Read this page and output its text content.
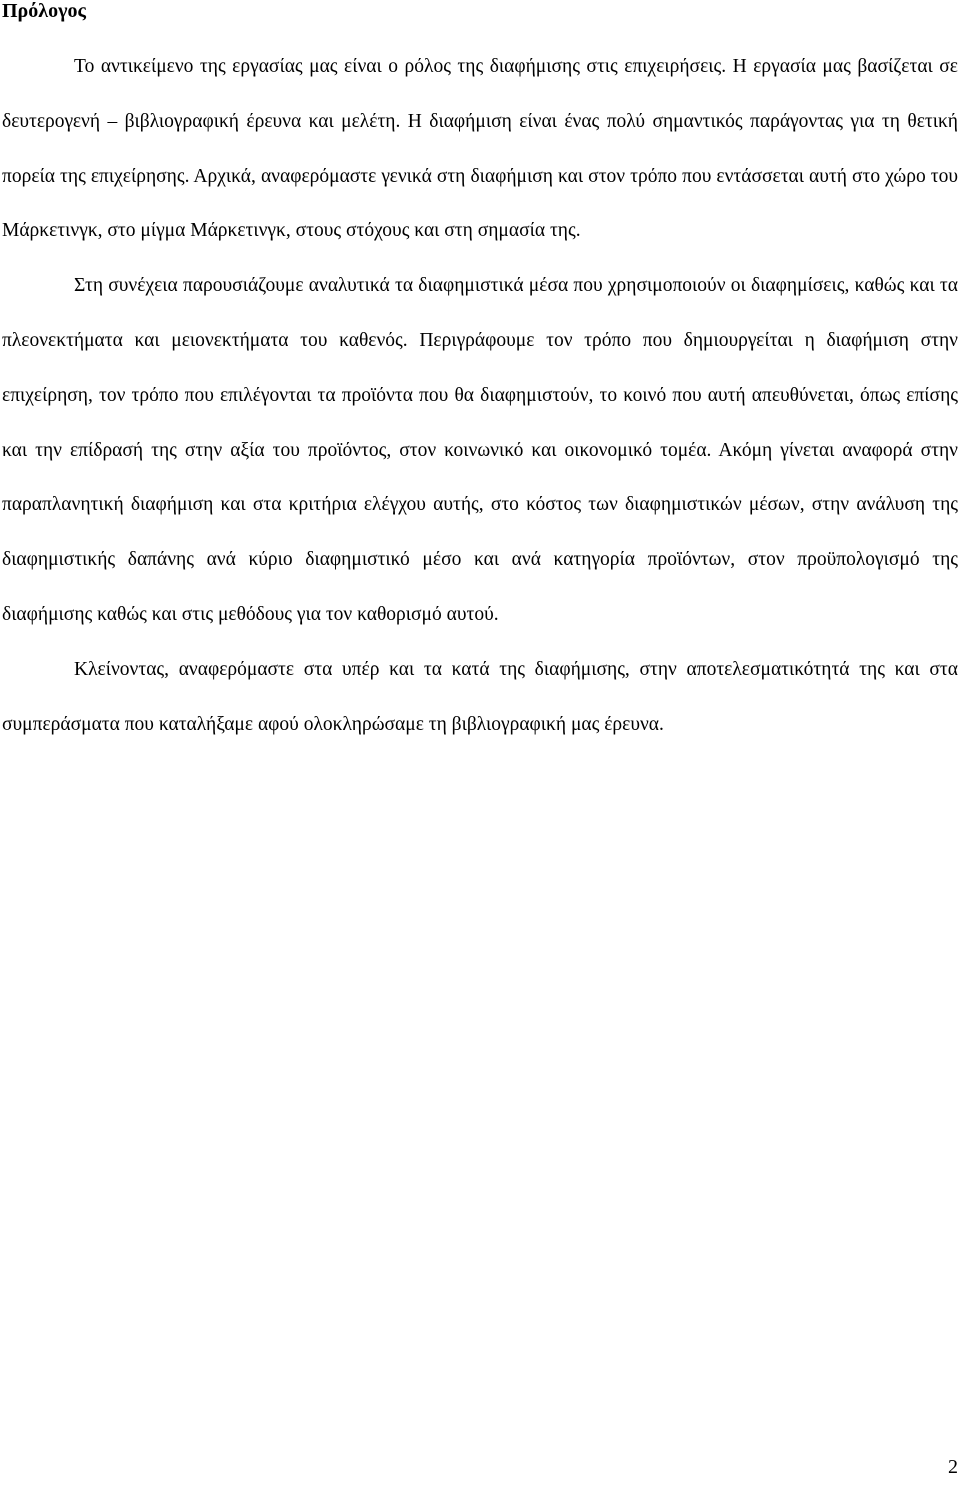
Πρόλογος

Το αντικείμενο της εργασίας μας είναι ο ρόλος της διαφήμισης στις επιχειρήσεις. Η εργασία μας βασίζεται σε δευτερογενή – βιβλιογραφική έρευνα και μελέτη. Η διαφήμιση είναι ένας πολύ σημαντικός παράγοντας για τη θετική πορεία της επιχείρησης. Αρχικά, αναφερόμαστε γενικά στη διαφήμιση και στον τρόπο που εντάσσεται αυτή στο χώρο του Μάρκετινγκ, στο μίγμα Μάρκετινγκ, στους στόχους και στη σημασία της.

Στη συνέχεια παρουσιάζουμε αναλυτικά τα διαφημιστικά μέσα που χρησιμοποιούν οι διαφημίσεις, καθώς και τα πλεονεκτήματα και μειονεκτήματα του καθενός. Περιγράφουμε τον τρόπο που δημιουργείται η διαφήμιση στην επιχείρηση, τον τρόπο που επιλέγονται τα προϊόντα που θα διαφημιστούν, το κοινό που αυτή απευθύνεται, όπως επίσης και την επίδρασή της στην αξία του προϊόντος, στον κοινωνικό και οικονομικό τομέα. Ακόμη γίνεται αναφορά στην παραπλανητική διαφήμιση και στα κριτήρια ελέγχου αυτής, στο κόστος των διαφημιστικών μέσων, στην ανάλυση της διαφημιστικής δαπάνης ανά κύριο διαφημιστικό μέσο και ανά κατηγορία προϊόντων, στον προϋπολογισμό της διαφήμισης καθώς και στις μεθόδους για τον καθορισμό αυτού.

Κλείνοντας, αναφερόμαστε στα υπέρ και τα κατά της διαφήμισης, στην αποτελεσματικότητά της και στα συμπεράσματα που καταλήξαμε αφού ολοκληρώσαμε τη βιβλιογραφική μας έρευνα.

2
